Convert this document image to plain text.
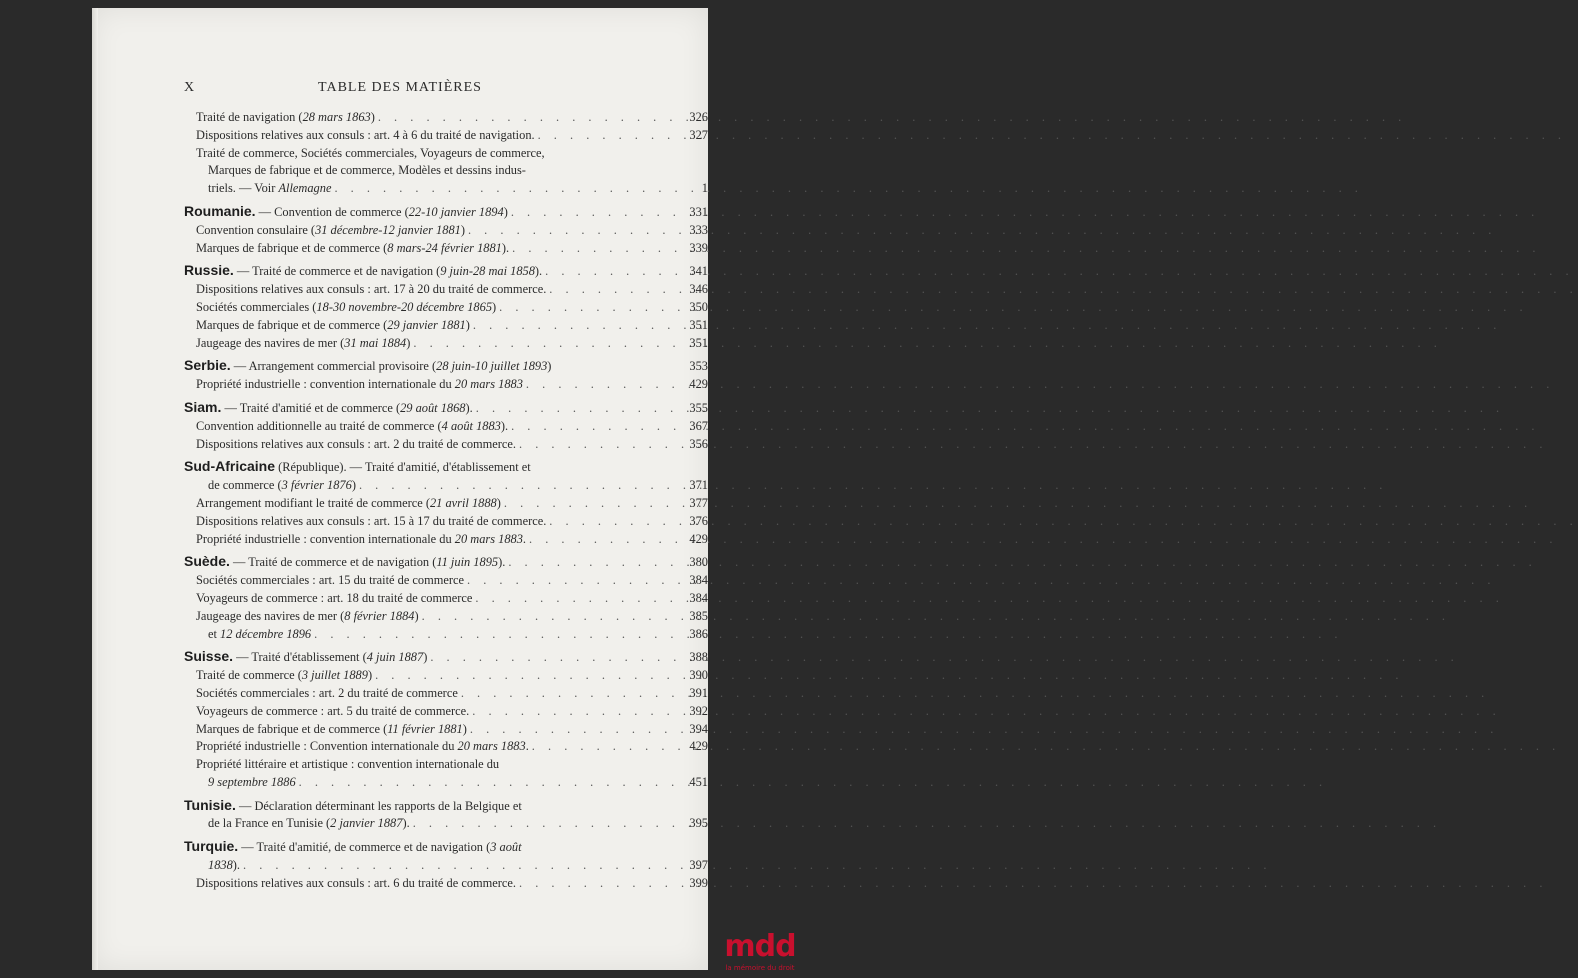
X	TABLE DES MATIÈRES
Traité de navigation (28 mars 1863) . . .	326
Dispositions relatives aux consuls : art. 4 à 6 du traité de navigation. . . .	327
Traité de commerce, Sociétés commerciales, Voyageurs de commerce,
Marques de fabrique et de commerce, Modèles et dessins indus-
triels. — Voir Allemagne . . .	1
Roumanie. — Convention de commerce (22-10 janvier 1894) . . .	331
Convention consulaire (31 décembre-12 janvier 1881) . . .	333
Marques de fabrique et de commerce (8 mars-24 février 1881). . . .	339
Russie. — Traité de commerce et de navigation (9 juin-28 mai 1858). . . .	341
Dispositions relatives aux consuls : art. 17 à 20 du traité de commerce. . . .	346
Sociétés commerciales (18-30 novembre-20 décembre 1865) . . .	350
Marques de fabrique et de commerce (29 janvier 1881) . . .	351
Jaugeage des navires de mer (31 mai 1884) . . .	351
Serbie. — Arrangement commercial provisoire (28 juin-10 juillet 1893)	353
Propriété industrielle : convention internationale du 20 mars 1883 . . .	429
Siam. — Traité d'amitié et de commerce (29 août 1868). . . .	355
Convention additionnelle au traité de commerce (4 août 1883). . . .	367
Dispositions relatives aux consuls : art. 2 du traité de commerce. . . .	356
Sud-Africaine (République). — Traité d'amitié, d'établissement et
de commerce (3 février 1876) . . .	371
Arrangement modifiant le traité de commerce (21 avril 1888) . . .	377
Dispositions relatives aux consuls : art. 15 à 17 du traité de commerce. . . .	376
Propriété industrielle : convention internationale du 20 mars 1883. . . .	429
Suède. — Traité de commerce et de navigation (11 juin 1895). . . .	380
Sociétés commerciales : art. 15 du traité de commerce . . .	384
Voyageurs de commerce : art. 18 du traité de commerce . . .	384
Jaugeage des navires de mer (8 février 1884) . . .	385
et 12 décembre 1896 . . .	386
Suisse. — Traité d'établissement (4 juin 1887) . . .	388
Traité de commerce (3 juillet 1889) . . .	390
Sociétés commerciales : art. 2 du traité de commerce . . .	391
Voyageurs de commerce : art. 5 du traité de commerce. . . .	392
Marques de fabrique et de commerce (11 février 1881) . . .	394
Propriété industrielle : Convention internationale du 20 mars 1883. . . .	429
Propriété littéraire et artistique : convention internationale du
9 septembre 1886 . . .	451
Tunisie. — Déclaration déterminant les rapports de la Belgique et
de la France en Tunisie (2 janvier 1887). . . .	395
Turquie. — Traité d'amitié, de commerce et de navigation (3 août
1838). . . .	397
Dispositions relatives aux consuls : art. 6 du traité de commerce. . . .	399
mdd
la mémoire du droit
